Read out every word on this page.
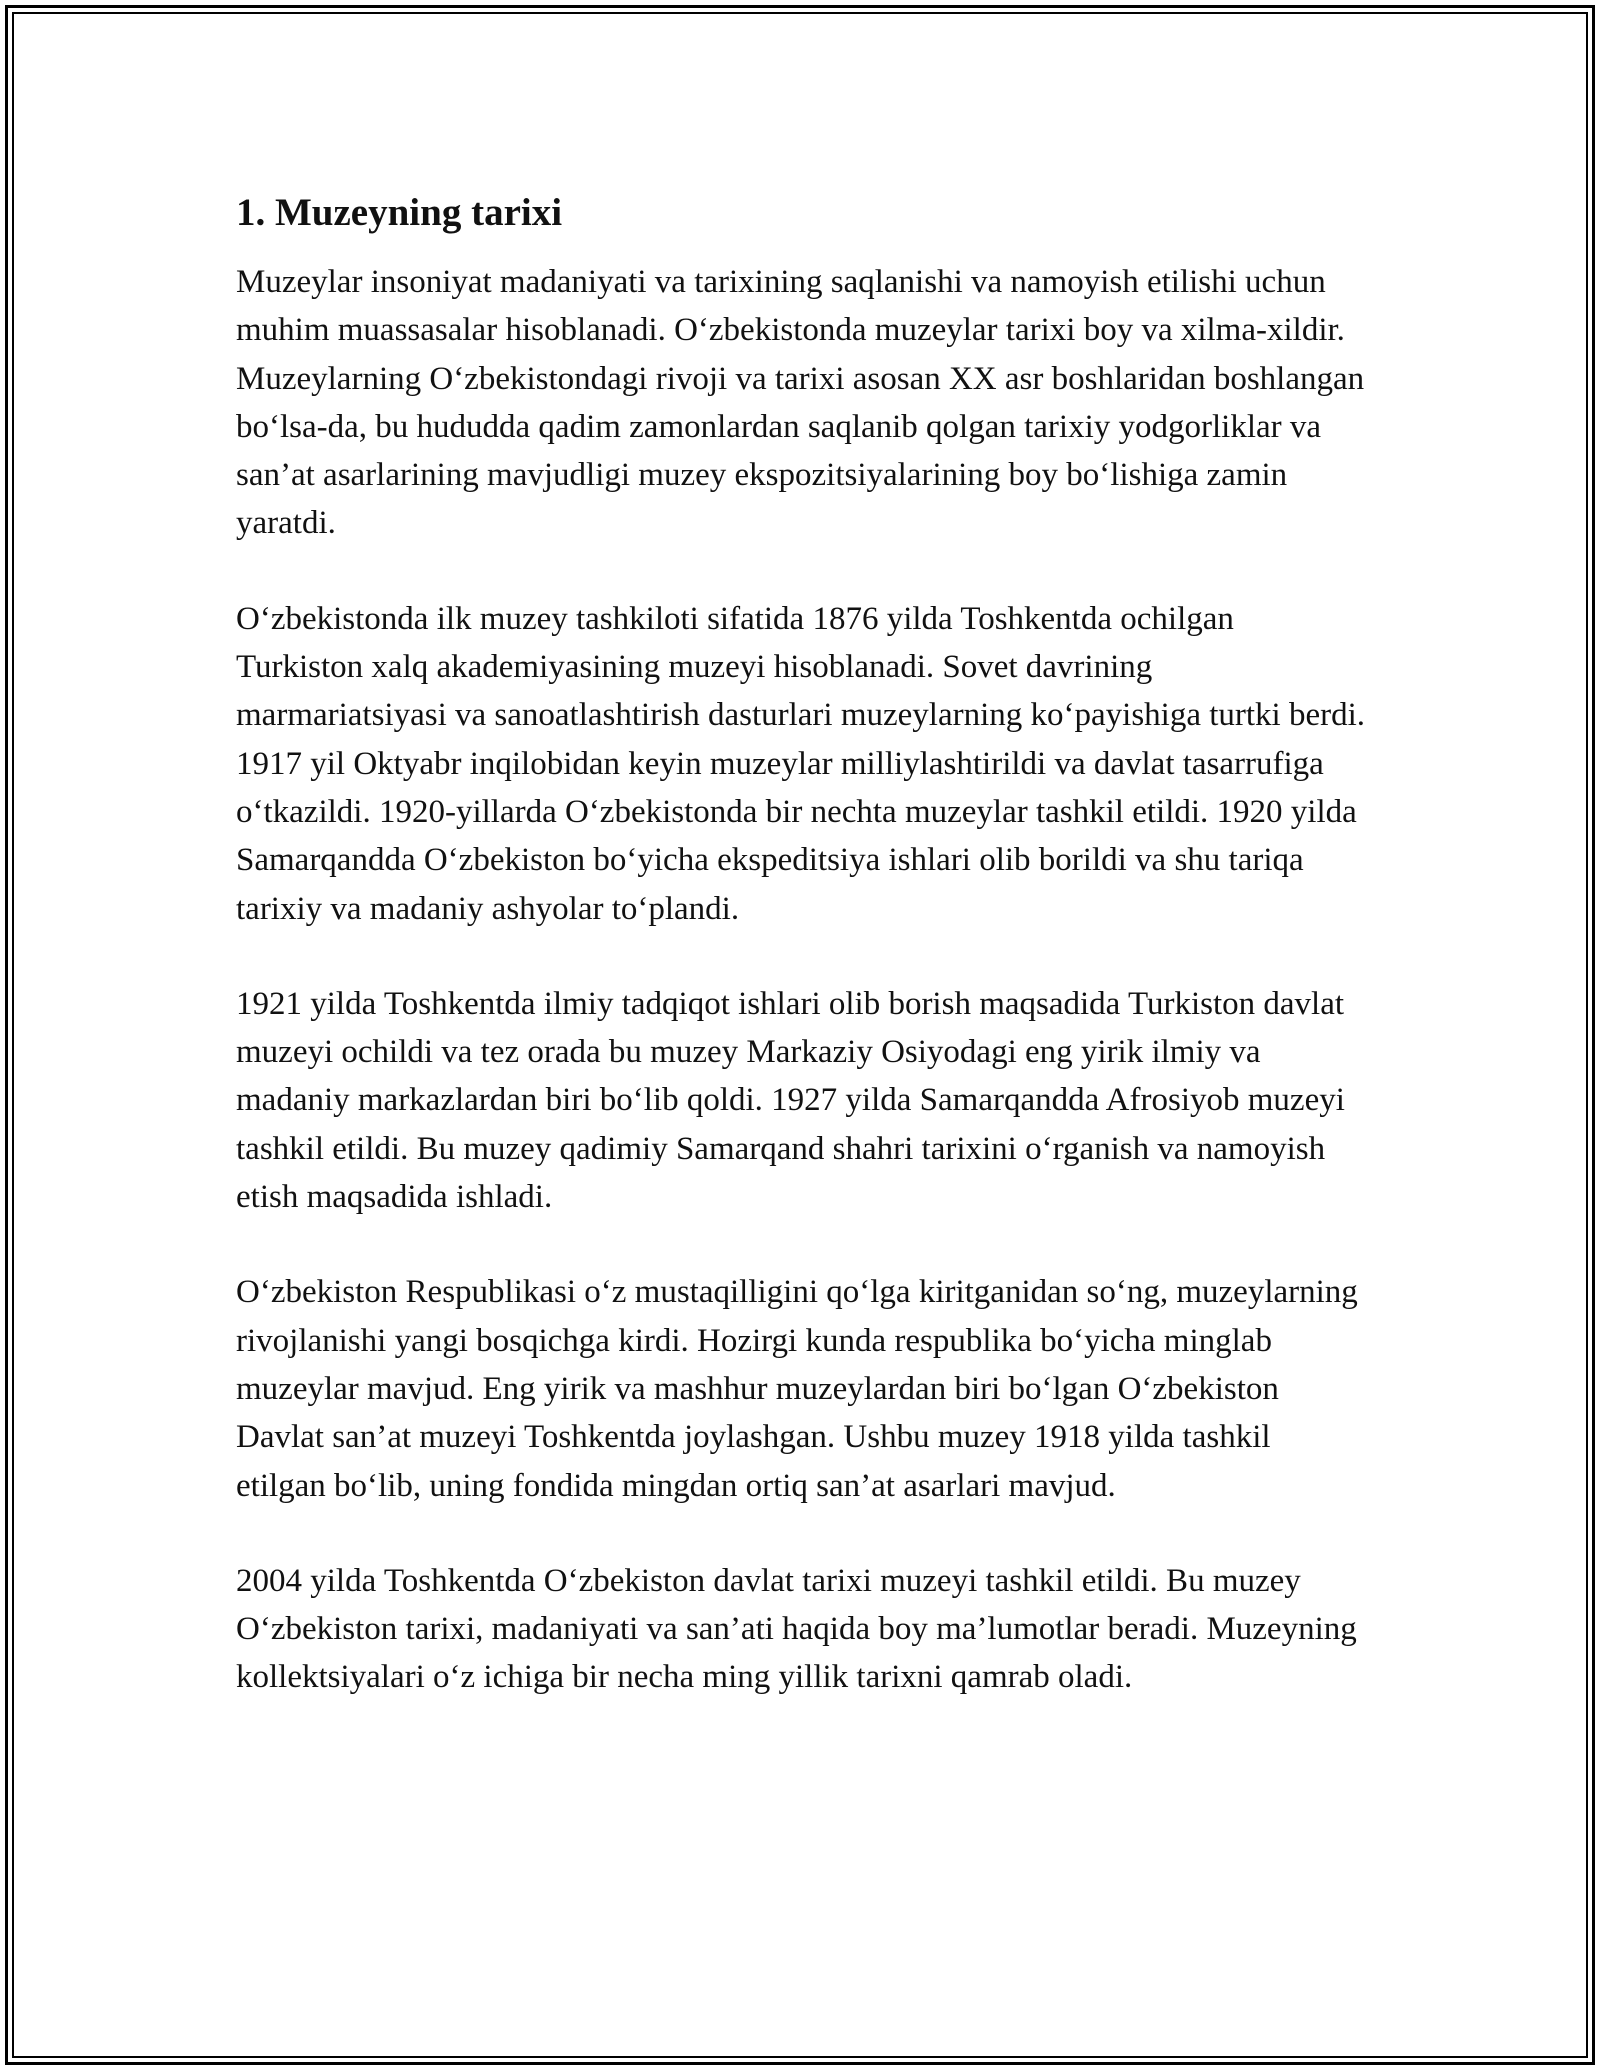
1. Muzeyning tarixi

Muzeylar insoniyat madaniyati va tarixining saqlanishi va namoyish etilishi uchun muhim muassasalar hisoblanadi. O‘zbekistonda muzeylar tarixi boy va xilma-xildir. Muzeylarning O‘zbekistondagi rivoji va tarixi asosan XX asr boshlaridan boshlangan bo‘lsa-da, bu hududda qadim zamonlardan saqlanib qolgan tarixiy yodgorliklar va san’at asarlarining mavjudligi muzey ekspozitsiyalarining boy bo‘lishiga zamin yaratdi.

O‘zbekistonda ilk muzey tashkiloti sifatida 1876 yilda Toshkentda ochilgan Turkiston xalq akademiyasining muzeyi hisoblanadi. Sovet davrining marmariatsiyasi va sanoatlashtirish dasturlari muzeylarning ko‘payishiga turtki berdi. 1917 yil Oktyabr inqilobidan keyin muzeylar milliylashtirildi va davlat tasarrufiga o‘tkazildi. 1920-yillarda O‘zbekistonda bir nechta muzeylar tashkil etildi. 1920 yilda Samarqandda O‘zbekiston bo‘yicha ekspeditsiya ishlari olib borildi va shu tariqa tarixiy va madaniy ashyolar to‘plandi.

1921 yilda Toshkentda ilmiy tadqiqot ishlari olib borish maqsadida Turkiston davlat muzeyi ochildi va tez orada bu muzey Markaziy Osiyodagi eng yirik ilmiy va madaniy markazlardan biri bo‘lib qoldi. 1927 yilda Samarqandda Afrosiyob muzeyi tashkil etildi. Bu muzey qadimiy Samarqand shahri tarixini o‘rganish va namoyish etish maqsadida ishladi.

O‘zbekiston Respublikasi o‘z mustaqilligini qo‘lga kiritganidan so‘ng, muzeylarning rivojlanishi yangi bosqichga kirdi. Hozirgi kunda respublika bo‘yicha minglab muzeylar mavjud. Eng yirik va mashhur muzeylardan biri bo‘lgan O‘zbekiston Davlat san’at muzeyi Toshkentda joylashgan. Ushbu muzey 1918 yilda tashkil etilgan bo‘lib, uning fondida mingdan ortiq san’at asarlari mavjud.

2004 yilda Toshkentda O‘zbekiston davlat tarixi muzeyi tashkil etildi. Bu muzey O‘zbekiston tarixi, madaniyati va san’ati haqida boy ma’lumotlar beradi. Muzeyning kollektsiyalari o‘z ichiga bir necha ming yillik tarixni qamrab oladi.
